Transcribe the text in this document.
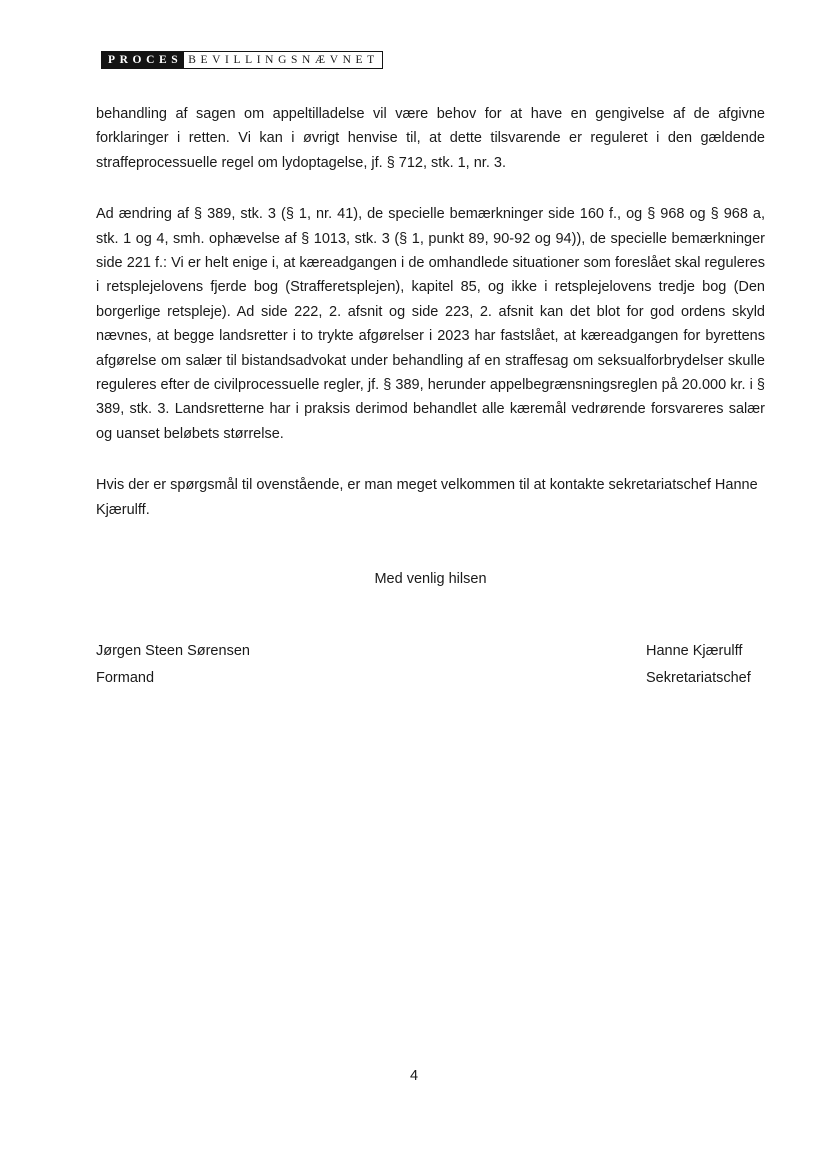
PROCES BEVILLINGSNÆVNET

behandling af sagen om appeltilladelse vil være behov for at have en gengivelse af de afgivne forklaringer i retten. Vi kan i øvrigt henvise til, at dette tilsvarende er reguleret i den gældende straffeprocessuelle regel om lydoptagelse, jf. § 712, stk. 1, nr. 3.

Ad ændring af § 389, stk. 3 (§ 1, nr. 41), de specielle bemærkninger side 160 f., og § 968 og § 968 a, stk. 1 og 4, smh. ophævelse af § 1013, stk. 3 (§ 1, punkt 89, 90-92 og 94)), de specielle bemærkninger side 221 f.: Vi er helt enige i, at kæreadgangen i de omhandlede situationer som foreslået skal reguleres i retsplejelovens fjerde bog (Strafferetsplejen), kapitel 85, og ikke i retsplejelovens tredje bog (Den borgerlige retspleje). Ad side 222, 2. afsnit og side 223, 2. afsnit kan det blot for god ordens skyld nævnes, at begge landsretter i to trykte afgørelser i 2023 har fastslået, at kæreadgangen for byrettens afgørelse om salær til bistandsadvokat under behandling af en straffesag om seksualforbrydelser skulle reguleres efter de civilprocessuelle regler, jf. § 389, herunder appelbegrænsningsreglen på 20.000 kr. i § 389, stk. 3. Landsretterne har i praksis derimod behandlet alle kæremål vedrørende forsvareres salær og uanset beløbets størrelse.

Hvis der er spørgsmål til ovenstående, er man meget velkommen til at kontakte sekretariatschef Hanne Kjærulff.

Med venlig hilsen
Jørgen Steen Sørensen
Formand
Hanne Kjærulff
Sekretariatschef
4
